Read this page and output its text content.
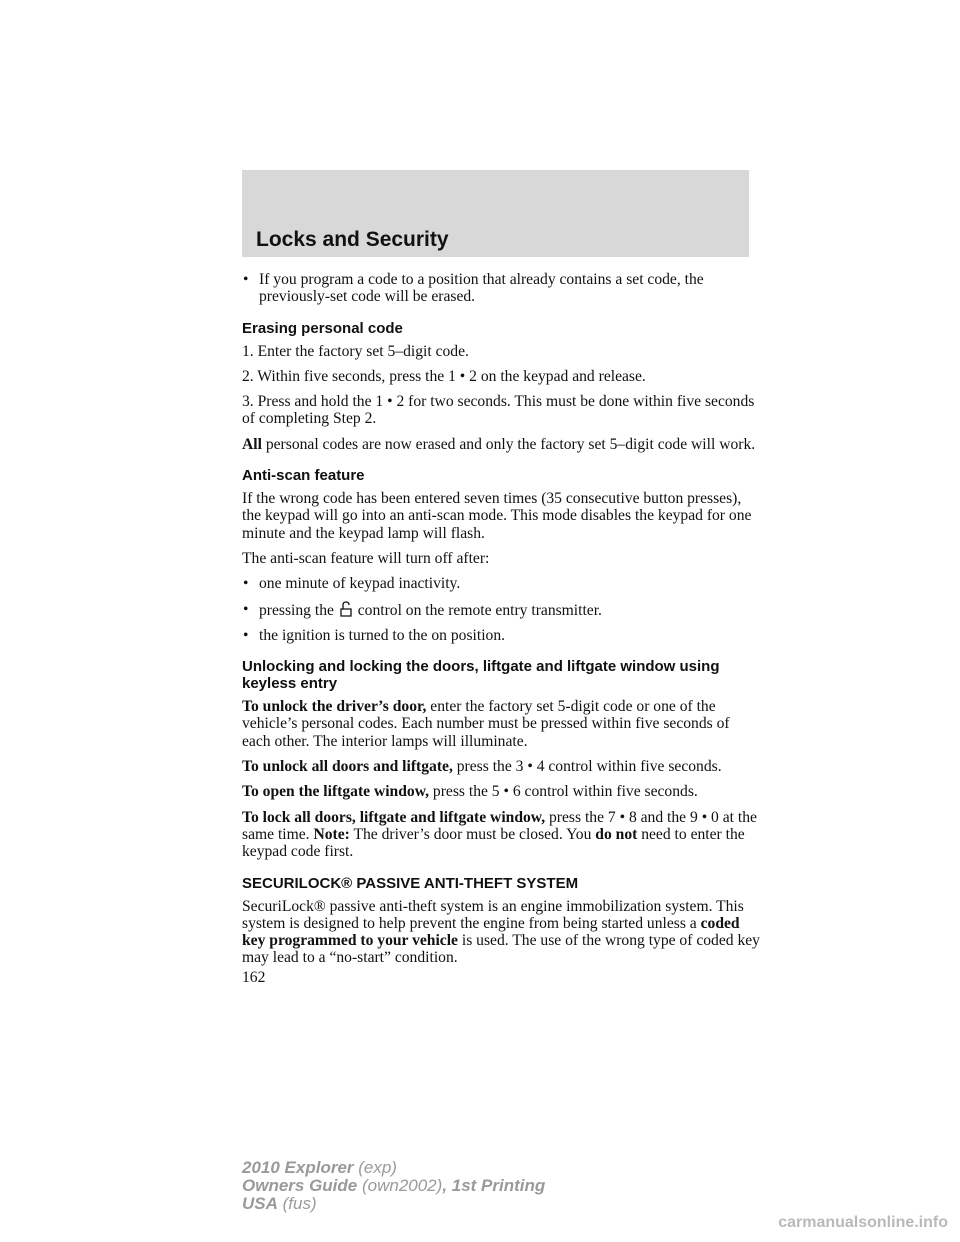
Locks and Security
• If you program a code to a position that already contains a set code, the previously-set code will be erased.
Erasing personal code

1. Enter the factory set 5–digit code.

2. Within five seconds, press the 1 • 2 on the keypad and release.

3. Press and hold the 1 • 2 for two seconds. This must be done within five seconds of completing Step 2.

All personal codes are now erased and only the factory set 5–digit code will work.

Anti-scan feature

If the wrong code has been entered seven times (35 consecutive button presses), the keypad will go into an anti-scan mode. This mode disables the keypad for one minute and the keypad lamp will flash.

The anti-scan feature will turn off after:

• one minute of keypad inactivity.
• pressing the  control on the remote entry transmitter.
• the ignition is turned to the on position.
Unlocking and locking the doors, liftgate and liftgate window using keyless entry

To unlock the driver’s door, enter the factory set 5-digit code or one of the vehicle’s personal codes. Each number must be pressed within five seconds of each other. The interior lamps will illuminate.

To unlock all doors and liftgate, press the 3 • 4 control within five seconds.

To open the liftgate window, press the 5 • 6 control within five seconds.

To lock all doors, liftgate and liftgate window, press the 7 • 8 and the 9 • 0 at the same time. Note: The driver’s door must be closed. You do not need to enter the keypad code first.

SECURILOCK® PASSIVE ANTI-THEFT SYSTEM

SecuriLock® passive anti-theft system is an engine immobilization system. This system is designed to help prevent the engine from being started unless a coded key programmed to your vehicle is used. The use of the wrong type of coded key may lead to a “no-start” condition.

162
2010 Explorer (exp)
Owners Guide (own2002), 1st Printing
USA (fus)
carmanualsonline.info
